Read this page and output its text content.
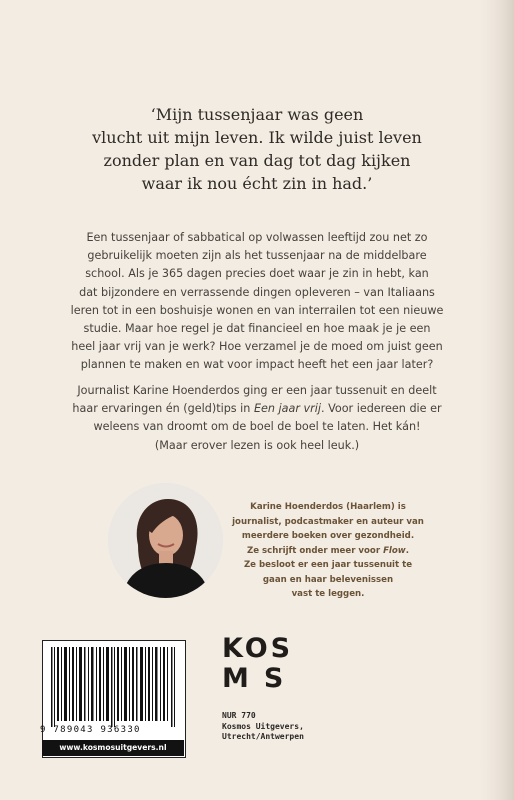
‘Mijn tussenjaar was geen
vlucht uit mijn leven. Ik wilde juist leven
zonder plan en van dag tot dag kijken
waar ik nou écht zin in had.’
Een tussenjaar of sabbatical op volwassen leeftijd zou net zo
gebruikelijk moeten zijn als het tussenjaar na de middelbare
school. Als je 365 dagen precies doet waar je zin in hebt, kan
dat bijzondere en verrassende dingen opleveren – van Italiaans
leren tot in een boshuisje wonen en van interrailen tot een nieuwe
studie. Maar hoe regel je dat financieel en hoe maak je je een
heel jaar vrij van je werk? Hoe verzamel je de moed om juist geen
plannen te maken en wat voor impact heeft het een jaar later?
Journalist Karine Hoenderdos ging er een jaar tussenuit en deelt
haar ervaringen én (geld)tips in Een jaar vrij. Voor iedereen die er
weleens van droomt om de boel de boel te laten. Het kán!
(Maar erover lezen is ook heel leuk.)
Karine Hoenderdos (Haarlem) is
journalist, podcastmaker en auteur van
meerdere boeken over gezondheid.
Ze schrijft onder meer voor Flow.
Ze besloot er een jaar tussenuit te
gaan en haar belevenissen
vast te leggen.
KOS
M S
9 789043 936330
www.kosmosuitgevers.nl
NUR 770
Kosmos Uitgevers,
Utrecht/Antwerpen
